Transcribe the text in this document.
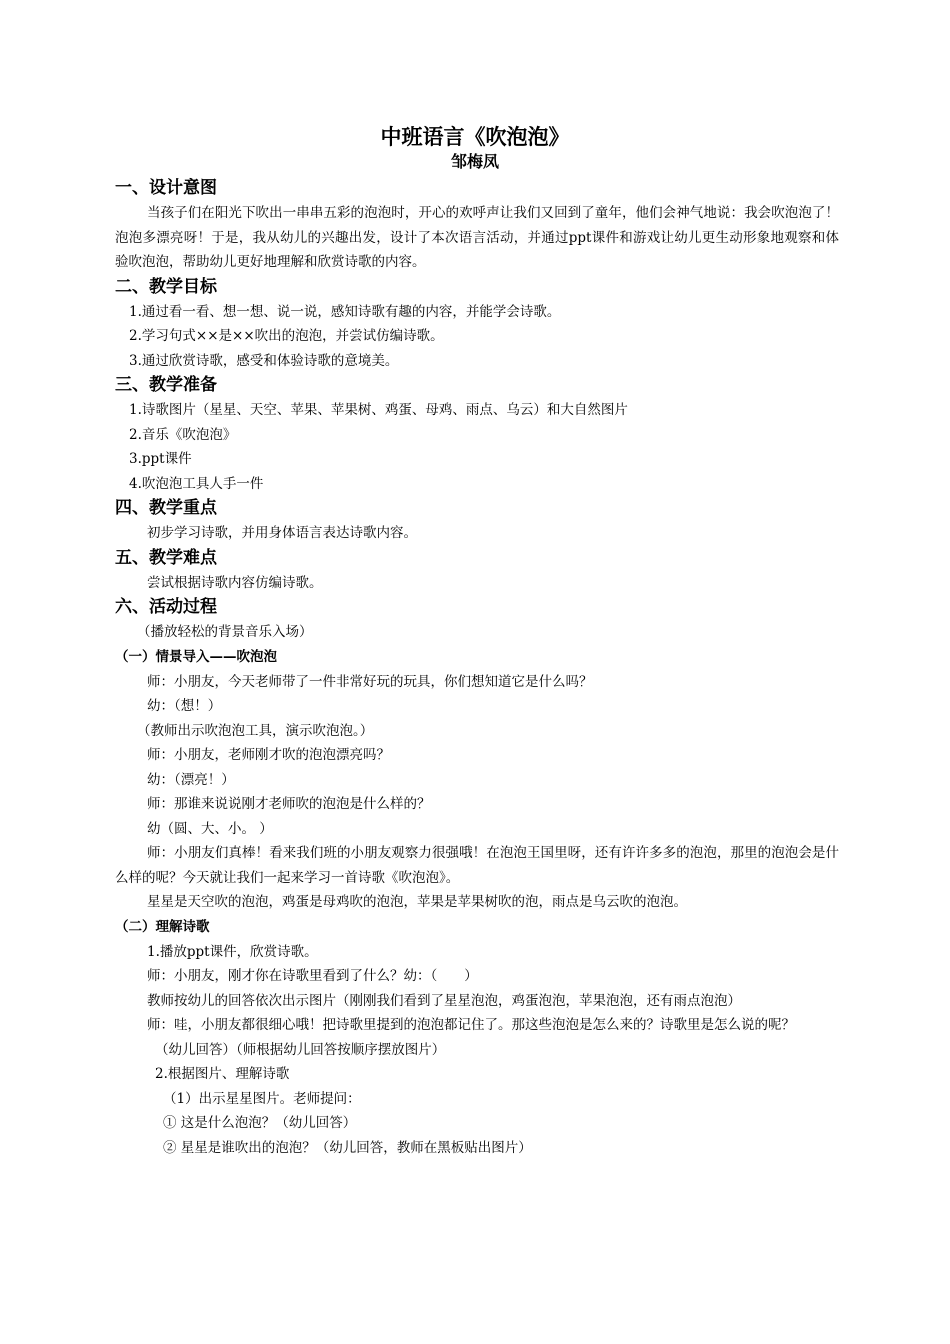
中班语言《吹泡泡》
邹梅凤

一、设计意图

当孩子们在阳光下吹出一串串五彩的泡泡时，开心的欢呼声让我们又回到了童年，他们会神气地说：我会吹泡泡了！泡泡多漂亮呀！于是，我从幼儿的兴趣出发，设计了本次语言活动，并通过ppt课件和游戏让幼儿更生动形象地观察和体验吹泡泡，帮助幼儿更好地理解和欣赏诗歌的内容。

二、教学目标

1.通过看一看、想一想、说一说，感知诗歌有趣的内容，并能学会诗歌。

2.学习句式××是××吹出的泡泡，并尝试仿编诗歌。

3.通过欣赏诗歌，感受和体验诗歌的意境美。

三、教学准备

1.诗歌图片（星星、天空、苹果、苹果树、鸡蛋、母鸡、雨点、乌云）和大自然图片

2.音乐《吹泡泡》

3.ppt课件

4.吹泡泡工具人手一件

四、教学重点

初步学习诗歌，并用身体语言表达诗歌内容。

五、教学难点

尝试根据诗歌内容仿编诗歌。

六、活动过程

（播放轻松的背景音乐入场）

（一）情景导入——吹泡泡

师：小朋友，今天老师带了一件非常好玩的玩具，你们想知道它是什么吗？

幼：（想！）

（教师出示吹泡泡工具，演示吹泡泡。）

师：小朋友，老师刚才吹的泡泡漂亮吗？

幼：（漂亮！）

师：那谁来说说刚才老师吹的泡泡是什么样的？

幼（圆、大、小。 ）

师：小朋友们真棒！看来我们班的小朋友观察力很强哦！在泡泡王国里呀，还有许许多多的泡泡，那里的泡泡会是什么样的呢？今天就让我们一起来学习一首诗歌《吹泡泡》。

星星是天空吹的泡泡，鸡蛋是母鸡吹的泡泡，苹果是苹果树吹的泡，雨点是乌云吹的泡泡。

（二）理解诗歌

1.播放ppt课件，欣赏诗歌。

师：小朋友，刚才你在诗歌里看到了什么？幼：（　　）

教师按幼儿的回答依次出示图片（刚刚我们看到了星星泡泡，鸡蛋泡泡，苹果泡泡，还有雨点泡泡）

师：哇，小朋友都很细心哦！把诗歌里提到的泡泡都记住了。那这些泡泡是怎么来的？诗歌里是怎么说的呢？

（幼儿回答）（师根据幼儿回答按顺序摆放图片）

2.根据图片、理解诗歌

（1）出示星星图片。老师提问：

① 这是什么泡泡？（幼儿回答）

② 星星是谁吹出的泡泡？（幼儿回答，教师在黑板贴出图片）
